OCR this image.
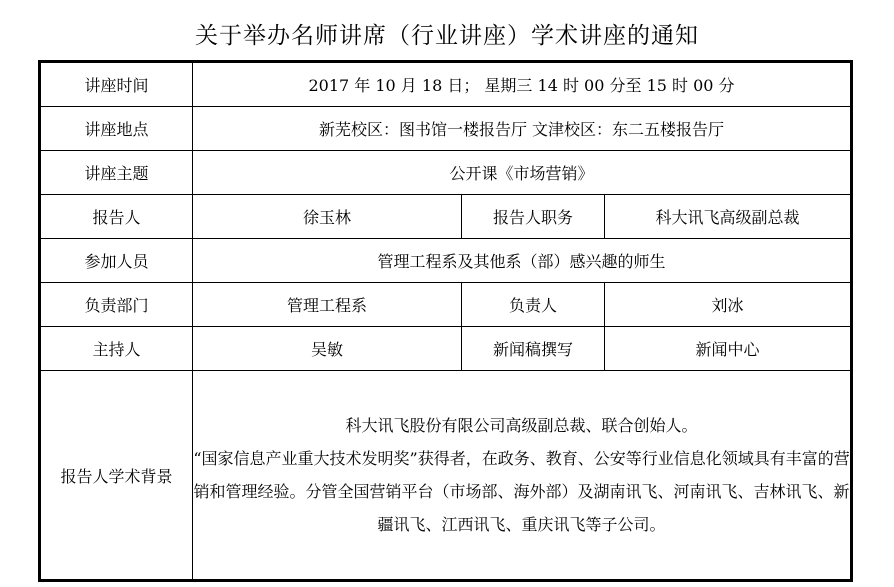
关于举办名师讲席（行业讲座）学术讲座的通知
讲座时间	2017 年 10 月 18 日； 星期三 14 时 00 分至 15 时 00 分		
讲座地点	新芜校区：图书馆一楼报告厅 文津校区：东二五楼报告厅		
讲座主题	公开课《市场营销》		
报告人	徐玉林	报告人职务	科大讯飞高级副总裁
参加人员	管理工程系及其他系（部）感兴趣的师生		
负责部门	管理工程系	负责人	刘冰
主持人	吴敏	新闻稿撰写	新闻中心
报告人学术背景	科大讯飞股份有限公司高级副总裁、联合创始人。

“国家信息产业重大技术发明奖”获得者，在政务、教育、公安等行业信息化领域具有丰富的营销和管理经验。分管全国营销平台（市场部、海外部）及湖南讯飞、河南讯飞、吉林讯飞、新疆讯飞、江西讯飞、重庆讯飞等子公司。		
